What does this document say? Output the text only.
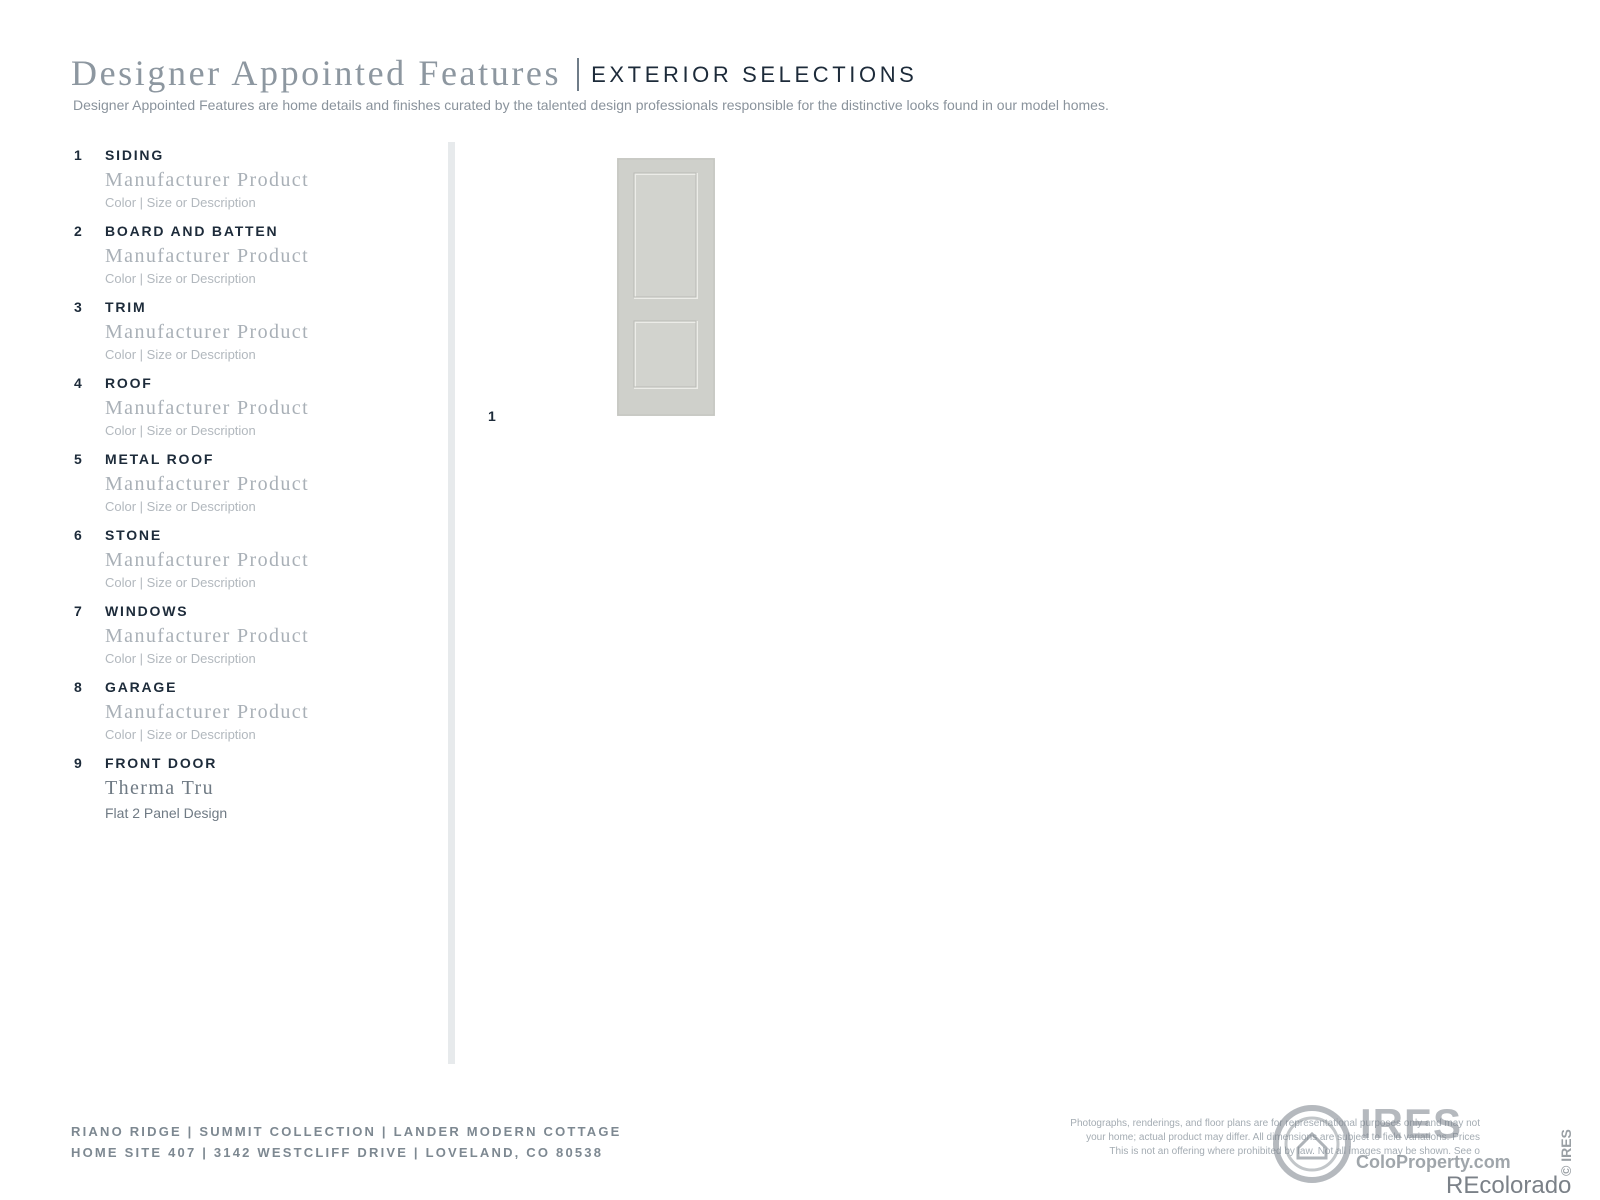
Designer Appointed Features EXTERIOR SELECTIONS
Designer Appointed Features are home details and finishes curated by the talented design professionals responsible for the distinctive looks found in our model homes.
1 SIDING
Manufacturer Product
Color | Size or Description
2 BOARD AND BATTEN
Manufacturer Product
Color | Size or Description
3 TRIM
Manufacturer Product
Color | Size or Description
4 ROOF
Manufacturer Product
Color | Size or Description
5 METAL ROOF
Manufacturer Product
Color | Size or Description
6 STONE
Manufacturer Product
Color | Size or Description
7 WINDOWS
Manufacturer Product
Color | Size or Description
8 GARAGE
Manufacturer Product
Color | Size or Description
9 FRONT DOOR
Therma Tru
Flat 2 Panel Design
1
RIANO RIDGE | SUMMIT COLLECTION | LANDER MODERN COTTAGE
HOME SITE 407 | 3142 WESTCLIFF DRIVE | LOVELAND, CO 80538
Photographs, renderings, and floor plans are for representational purposes only and may not
your home; actual product may differ. All dimensions are subject to field variations. Prices
This is not an offering where prohibited by law. Not all images may be shown. See o
IRES
ColoProperty.com
REcolorado
© IRES
